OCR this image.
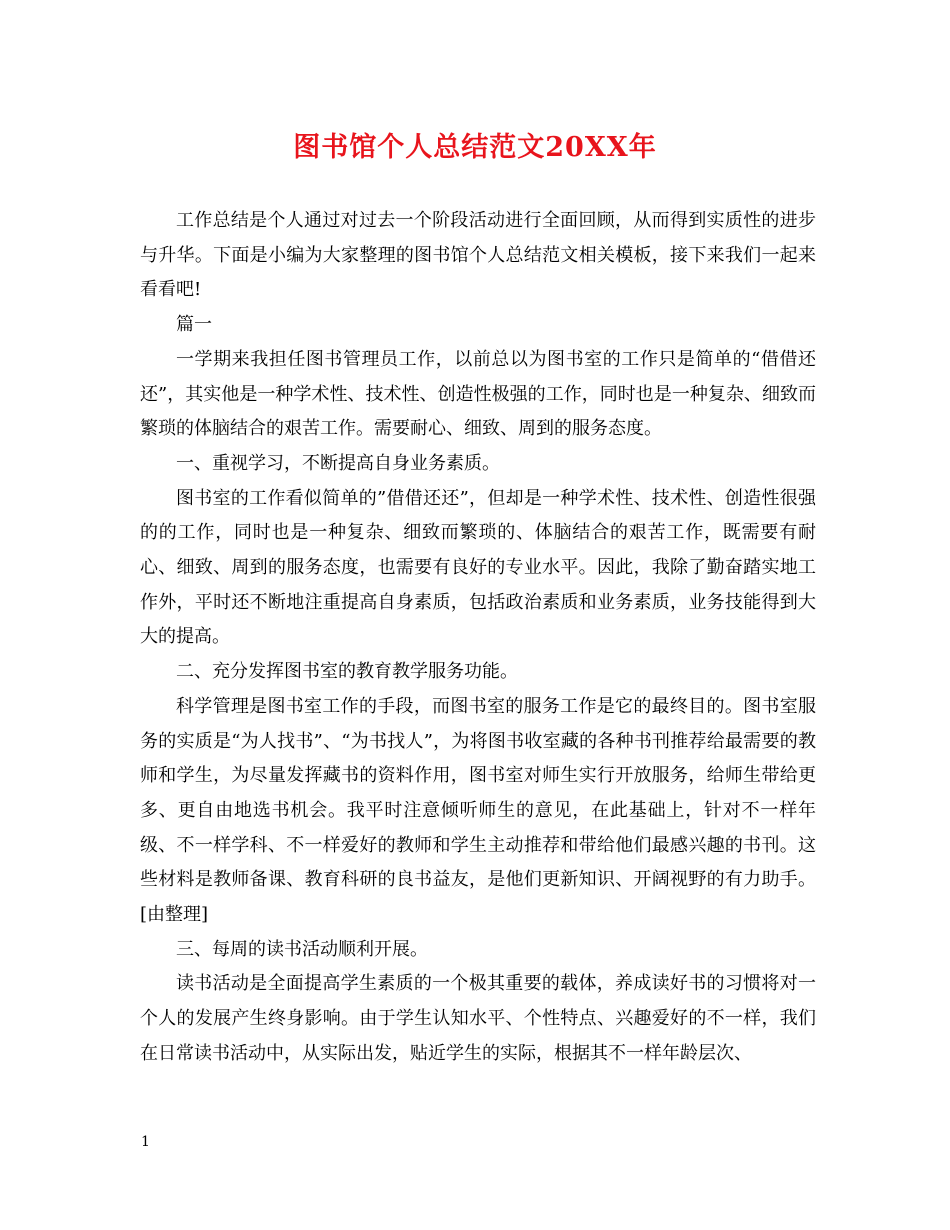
图书馆个人总结范文20XX年

工作总结是个人通过对过去一个阶段活动进行全面回顾，从而得到实质性的进步与升华。下面是小编为大家整理的图书馆个人总结范文相关模板，接下来我们一起来看看吧!

篇一

一学期来我担任图书管理员工作，以前总以为图书室的工作只是简单的“借借还还”，其实他是一种学术性、技术性、创造性极强的工作，同时也是一种复杂、细致而繁琐的体脑结合的艰苦工作。需要耐心、细致、周到的服务态度。

一、重视学习，不断提高自身业务素质。

图书室的工作看似简单的”借借还还”，但却是一种学术性、技术性、创造性很强的的工作，同时也是一种复杂、细致而繁琐的、体脑结合的艰苦工作，既需要有耐心、细致、周到的服务态度，也需要有良好的专业水平。因此，我除了勤奋踏实地工作外，平时还不断地注重提高自身素质，包括政治素质和业务素质，业务技能得到大大的提高。

二、充分发挥图书室的教育教学服务功能。

科学管理是图书室工作的手段，而图书室的服务工作是它的最终目的。图书室服务的实质是“为人找书”、“为书找人”，为将图书收室藏的各种书刊推荐给最需要的教师和学生，为尽量发挥藏书的资料作用，图书室对师生实行开放服务，给师生带给更多、更自由地选书机会。我平时注意倾听师生的意见，在此基础上，针对不一样年级、不一样学科、不一样爱好的教师和学生主动推荐和带给他们最感兴趣的书刊。这些材料是教师备课、教育科研的良书益友，是他们更新知识、开阔视野的有力助手。[由整理]

三、每周的读书活动顺利开展。

读书活动是全面提高学生素质的一个极其重要的载体，养成读好书的习惯将对一个人的发展产生终身影响。由于学生认知水平、个性特点、兴趣爱好的不一样，我们在日常读书活动中，从实际出发，贴近学生的实际，根据其不一样年龄层次、

1
